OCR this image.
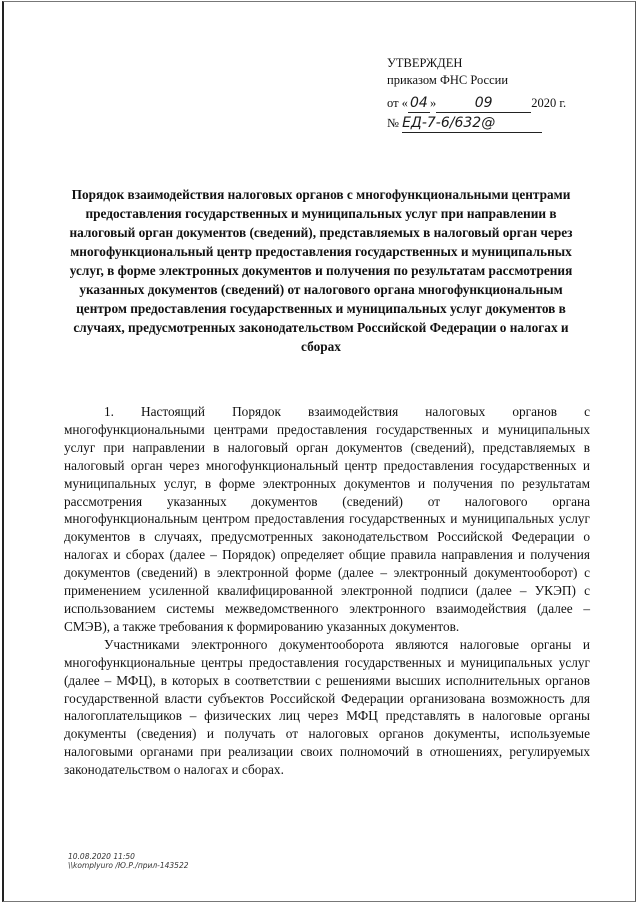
УТВЕРЖДЕН
приказом ФНС России
от « 04 »	09	2020 г.
№ ЕД-7-6/632@
Порядок взаимодействия налоговых органов с многофункциональными центрами предоставления государственных и муниципальных услуг при направлении в налоговый орган документов (сведений), представляемых в налоговый орган через многофункциональный центр предоставления государственных и муниципальных услуг, в форме электронных документов и получения по результатам рассмотрения указанных документов (сведений) от налогового органа многофункциональным центром предоставления государственных и муниципальных услуг документов в случаях, предусмотренных законодательством Российской Федерации о налогах и сборах

1. Настоящий Порядок взаимодействия налоговых органов с многофункциональными центрами предоставления государственных и муниципальных услуг при направлении в налоговый орган документов (сведений), представляемых в налоговый орган через многофункциональный центр предоставления государственных и муниципальных услуг, в форме электронных документов и получения по результатам рассмотрения указанных документов (сведений) от налогового органа многофункциональным центром предоставления государственных и муниципальных услуг документов в случаях, предусмотренных законодательством Российской Федерации о налогах и сборах (далее – Порядок) определяет общие правила направления и получения документов (сведений) в электронной форме (далее – электронный документооборот) с применением усиленной квалифицированной электронной подписи (далее – УКЭП) с использованием системы межведомственного электронного взаимодействия (далее – СМЭВ), а также требования к формированию указанных документов.

Участниками электронного документооборота являются налоговые органы и многофункциональные центры предоставления государственных и муниципальных услуг (далее – МФЦ), в которых в соответствии с решениями высших исполнительных органов государственной власти субъектов Российской Федерации организована возможность для налогоплательщиков – физических лиц через МФЦ представлять в налоговые органы документы (сведения) и получать от налоговых органов документы, используемые налоговыми органами при реализации своих полномочий в отношениях, регулируемых законодательством о налогах и сборах.

10.08.2020 11:50
\\komplyuro /Ю.Р./прил-143522
